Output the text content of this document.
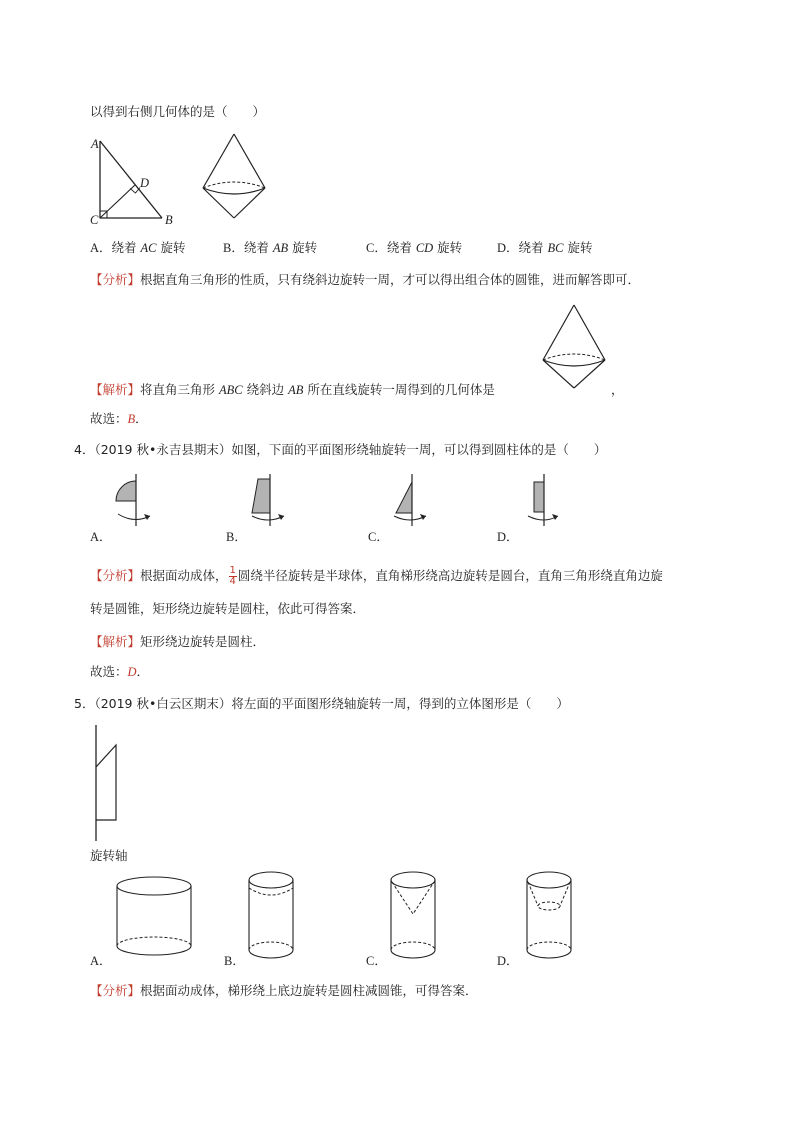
以得到右侧几何体的是（　　）
A
D
C	B
A．绕着 AC 旋转	B．绕着 AB 旋转	C．绕着 CD 旋转	D．绕着 BC 旋转
【分析】根据直角三角形的性质，只有绕斜边旋转一周，才可以得出组合体的圆锥，进而解答即可．
【解析】将直角三角形 ABC 绕斜边 AB 所在直线旋转一周得到的几何体是	，
故选：B．
4．（2019 秋•永吉县期末）如图，下面的平面图形绕轴旋转一周，可以得到圆柱体的是（　　）
A．	B．	C．	D．
【分析】根据面动成体， $\frac{1}{4}$ 圆绕半径旋转是半球体，直角梯形绕高边旋转是圆台，直角三角形绕直角边旋
转是圆锥，矩形绕边旋转是圆柱，依此可得答案．
【解析】矩形绕边旋转是圆柱．
故选：D．
5．（2019 秋•白云区期末）将左面的平面图形绕轴旋转一周，得到的立体图形是（　　）
旋转轴
A．	B．	C．	D．
【分析】根据面动成体，梯形绕上底边旋转是圆柱减圆锥，可得答案．
